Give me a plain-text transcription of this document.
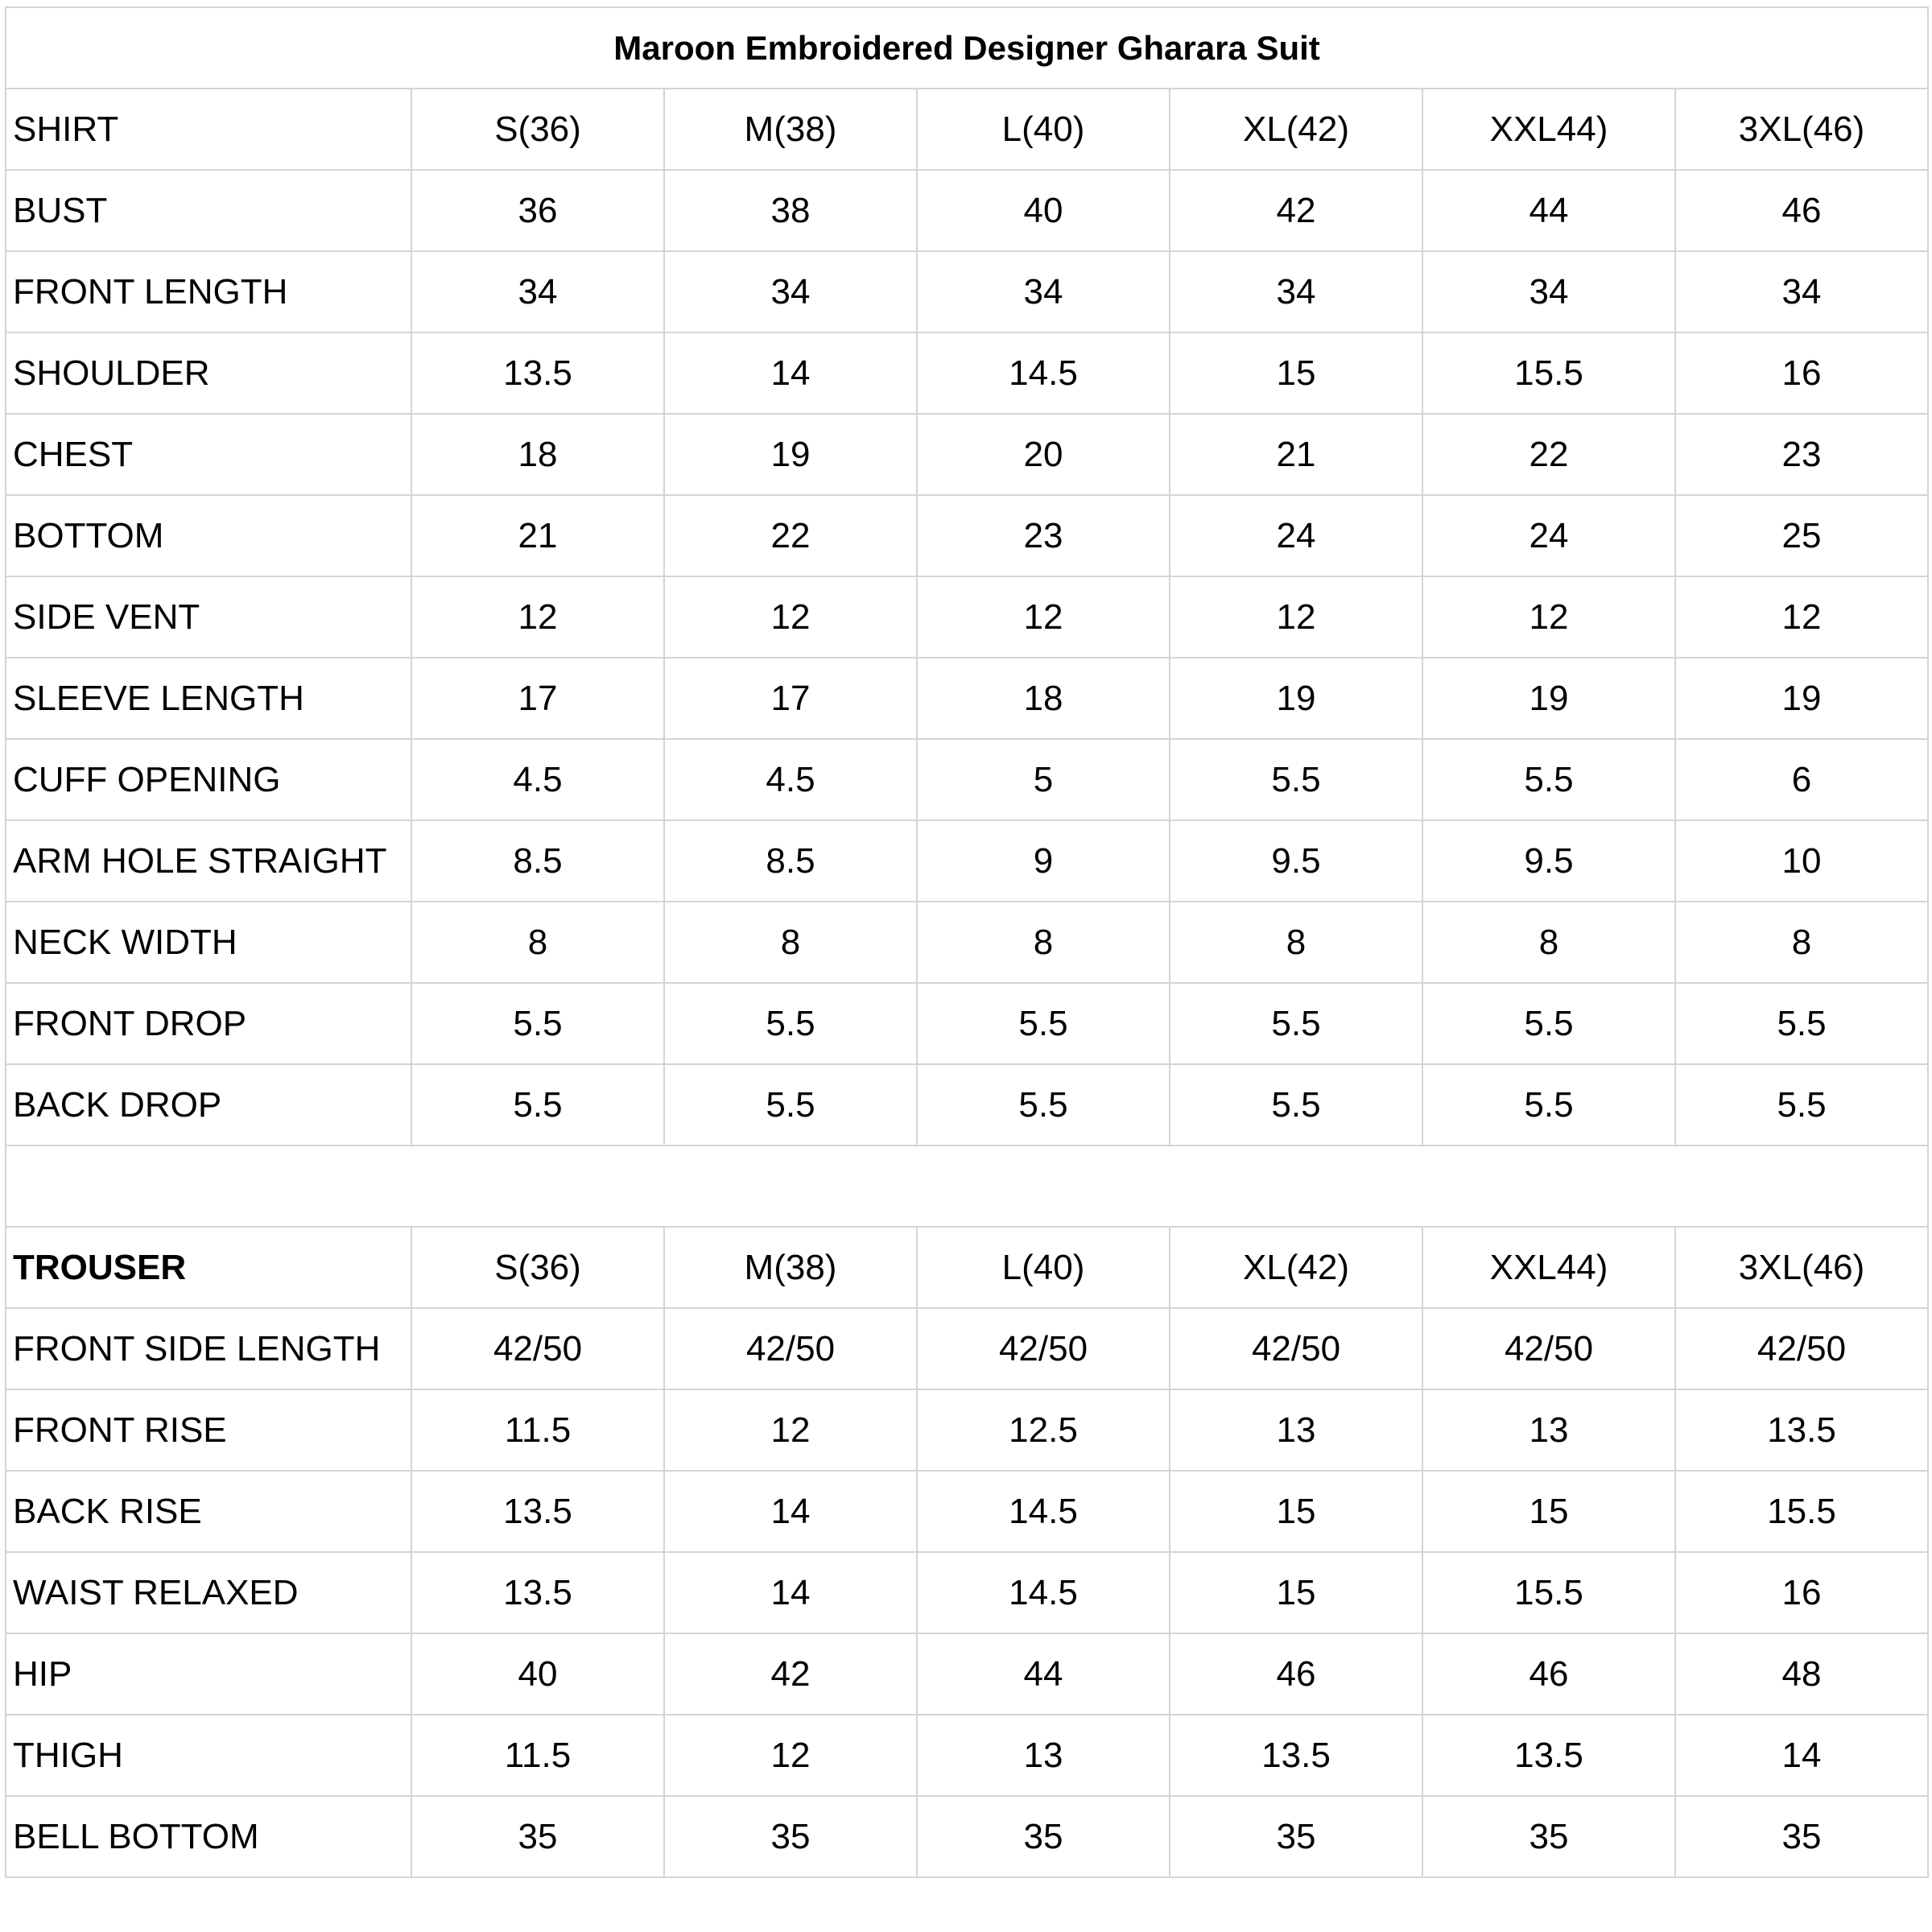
Maroon Embroidered Designer Gharara Suit						
SHIRT	S(36)	M(38)	L(40)	XL(42)	XXL44)	3XL(46)
BUST	36	38	40	42	44	46
FRONT LENGTH	34	34	34	34	34	34
SHOULDER	13.5	14	14.5	15	15.5	16
CHEST	18	19	20	21	22	23
BOTTOM	21	22	23	24	24	25
SIDE VENT	12	12	12	12	12	12
SLEEVE LENGTH	17	17	18	19	19	19
CUFF OPENING	4.5	4.5	5	5.5	5.5	6
ARM HOLE STRAIGHT	8.5	8.5	9	9.5	9.5	10
NECK WIDTH	8	8	8	8	8	8
FRONT DROP	5.5	5.5	5.5	5.5	5.5	5.5
BACK DROP	5.5	5.5	5.5	5.5	5.5	5.5

TROUSER	S(36)	M(38)	L(40)	XL(42)	XXL44)	3XL(46)
FRONT SIDE LENGTH	42/50	42/50	42/50	42/50	42/50	42/50
FRONT RISE	11.5	12	12.5	13	13	13.5
BACK RISE	13.5	14	14.5	15	15	15.5
WAIST RELAXED	13.5	14	14.5	15	15.5	16
HIP	40	42	44	46	46	48
THIGH	11.5	12	13	13.5	13.5	14
BELL BOTTOM	35	35	35	35	35	35
